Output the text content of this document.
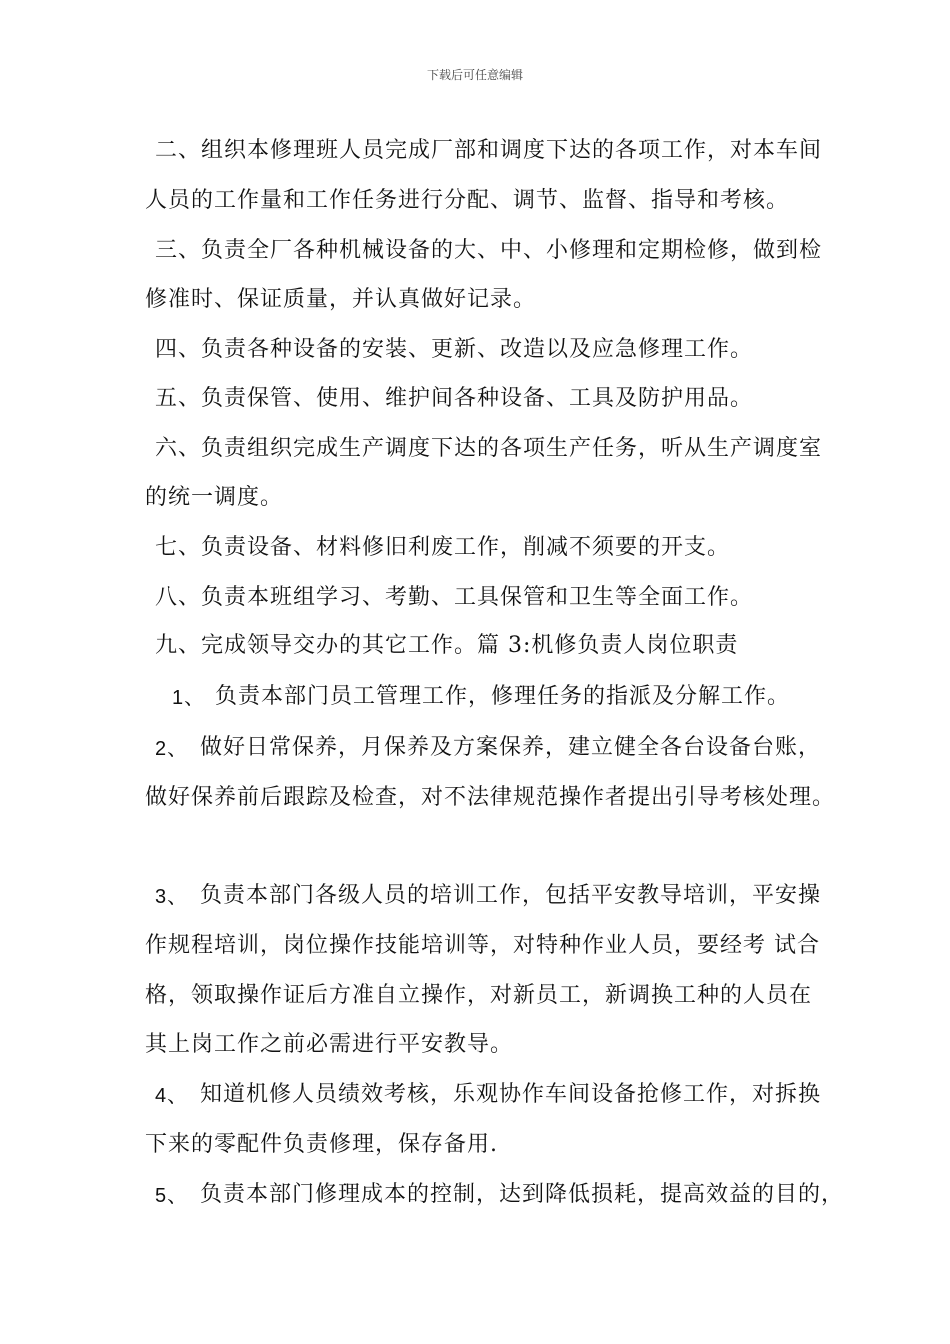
下载后可任意编辑
二、组织本修理班人员完成厂部和调度下达的各项工作，对本车间
人员的工作量和工作任务进行分配、调节、监督、指导和考核。
三、负责全厂各种机械设备的大、中、小修理和定期检修，做到检
修准时、保证质量，并认真做好记录。
四、负责各种设备的安装、更新、改造以及应急修理工作。
五、负责保管、使用、维护间各种设备、工具及防护用品。
六、负责组织完成生产调度下达的各项生产任务，听从生产调度室
的统一调度。
七、负责设备、材料修旧利废工作，削减不须要的开支。
八、负责本班组学习、考勤、工具保管和卫生等全面工作。
九、完成领导交办的其它工作。篇 3:机修负责人岗位职责
1、 负责本部门员工管理工作，修理任务的指派及分解工作。
2、 做好日常保养，月保养及方案保养，建立健全各台设备台账，
做好保养前后跟踪及检查，对不法律规范操作者提出引导考核处理。
3、 负责本部门各级人员的培训工作，包括平安教导培训，平安操
作规程培训，岗位操作技能培训等，对特种作业人员，要经考 试合
格，领取操作证后方准自立操作，对新员工，新调换工种的人员在
其上岗工作之前必需进行平安教导。
4、 知道机修人员绩效考核，乐观协作车间设备抢修工作，对拆换
下来的零配件负责修理，保存备用.
5、 负责本部门修理成本的控制，达到降低损耗，提高效益的目的，
